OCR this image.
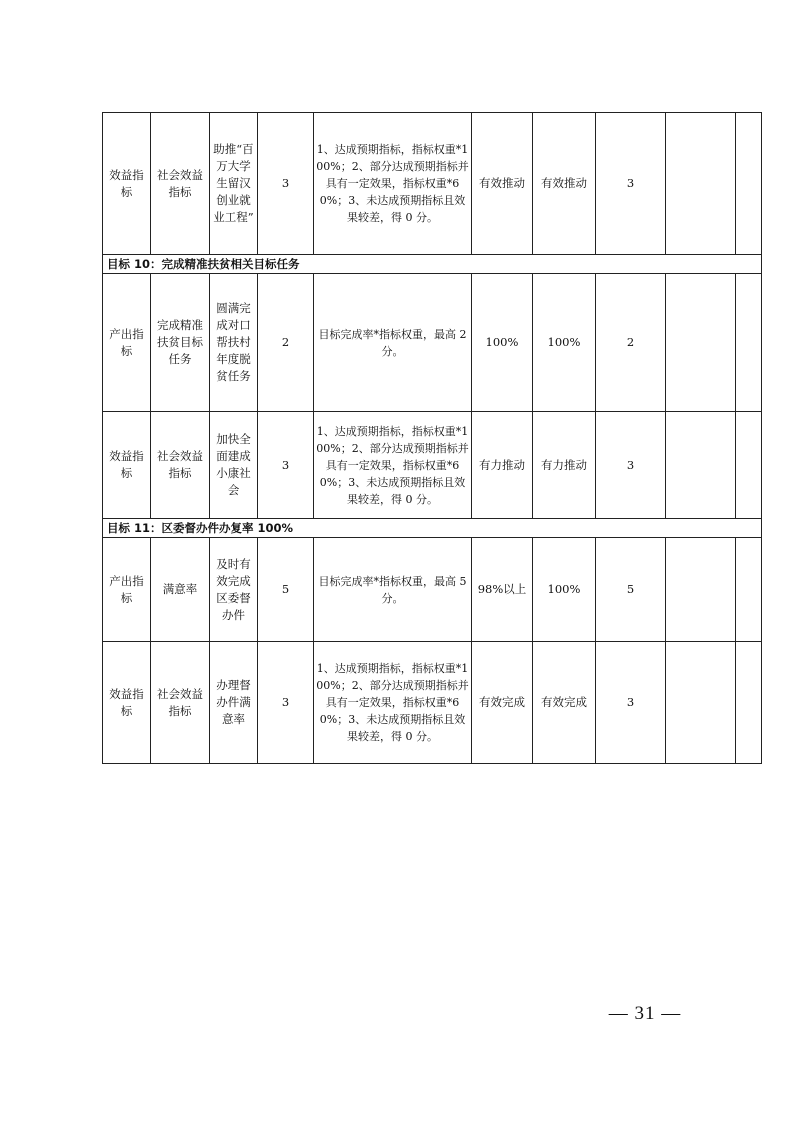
效益指标	社会效益指标	助推“百万大学生留汉创业就业工程”	3	1、达成预期指标，指标权重*100%；2、部分达成预期指标并具有一定效果，指标权重*60%；3、未达成预期指标且效果较差，得 0 分。	有效推动	有效推动	3		
目标 10：完成精准扶贫相关目标任务									
产出指标	完成精准扶贫目标任务	圆满完成对口帮扶村年度脱贫任务	2	目标完成率*指标权重，最高 2 分。	100%	100%	2		
效益指标	社会效益指标	加快全面建成小康社会	3	1、达成预期指标，指标权重*100%；2、部分达成预期指标并具有一定效果，指标权重*60%；3、未达成预期指标且效果较差，得 0 分。	有力推动	有力推动	3		
目标 11：区委督办件办复率 100%									
产出指标	满意率	及时有效完成区委督办件	5	目标完成率*指标权重，最高 5 分。	98%以上	100%	5		
效益指标	社会效益指标	办理督办件满意率	3	1、达成预期指标，指标权重*100%；2、部分达成预期指标并具有一定效果，指标权重*60%；3、未达成预期指标且效果较差，得 0 分。	有效完成	有效完成	3		
— 31 —
